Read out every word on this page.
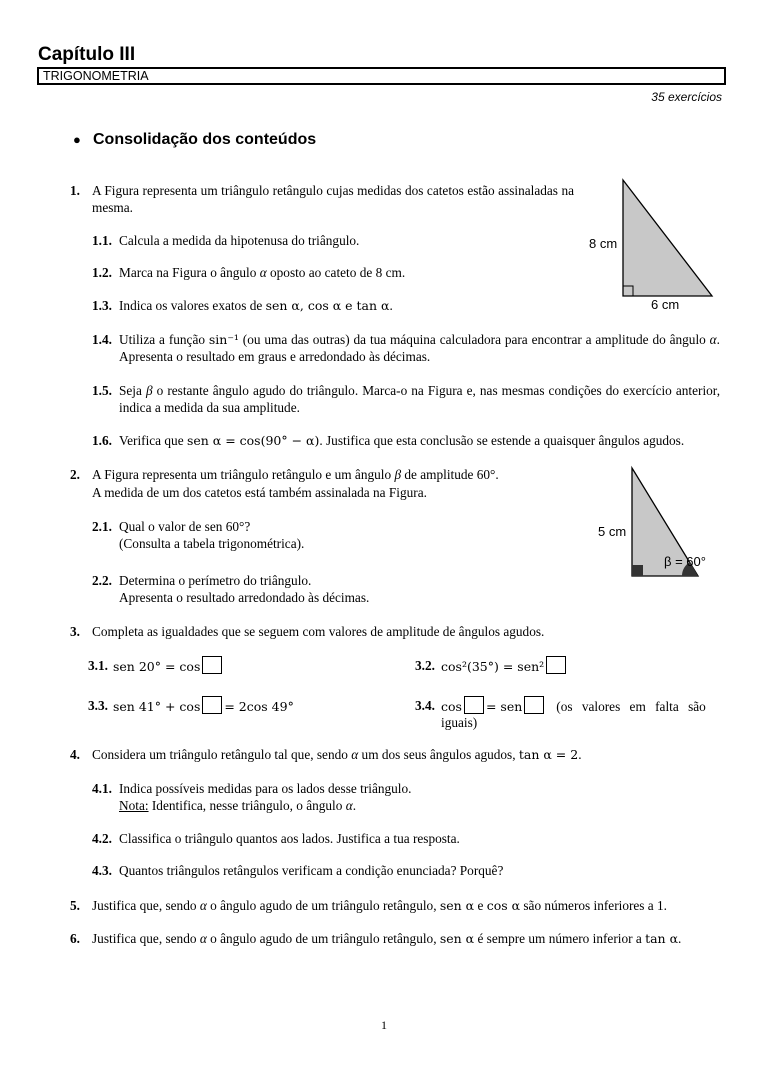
Capítulo III
TRIGONOMETRIA
35 exercícios
● Consolidação dos conteúdos
1. A Figura representa um triângulo retângulo cujas medidas dos catetos estão assinaladas na mesma.
8 cm
6 cm
1.1. Calcula a medida da hipotenusa do triângulo.
1.2. Marca na Figura o ângulo α oposto ao cateto de 8 cm.
1.3. Indica os valores exatos de sen α, cos α e tan α.
1.4. Utiliza a função sin⁻¹ (ou uma das outras) da tua máquina calculadora para encontrar a amplitude do ângulo α. Apresenta o resultado em graus e arredondado às décimas.
1.5. Seja β o restante ângulo agudo do triângulo. Marca-o na Figura e, nas mesmas condições do exercício anterior, indica a medida da sua amplitude.
1.6. Verifica que sen α = cos(90° − α). Justifica que esta conclusão se estende a quaisquer ângulos agudos.
2. A Figura representa um triângulo retângulo e um ângulo β de amplitude 60°.
A medida de um dos catetos está também assinalada na Figura.
5 cm
β = 60°
2.1. Qual o valor de sen 60°?
(Consulta a tabela trigonométrica).
2.2. Determina o perímetro do triângulo.
Apresenta o resultado arredondado às décimas.
3. Completa as igualdades que se seguem com valores de amplitude de ângulos agudos.
3.1. sen 20° = cos	3.2. cos²(35°) = sen²
3.3. sen 41° + cos = 2cos 49°	3.4. cos = sen	(os valores em falta são
iguais)
4. Considera um triângulo retângulo tal que, sendo α um dos seus ângulos agudos, tan α = 2.
4.1. Indica possíveis medidas para os lados desse triângulo.
Nota: Identifica, nesse triângulo, o ângulo α.
4.2. Classifica o triângulo quantos aos lados. Justifica a tua resposta.
4.3. Quantos triângulos retângulos verificam a condição enunciada? Porquê?
5. Justifica que, sendo α o ângulo agudo de um triângulo retângulo, sen α e cos α são números inferiores a 1.
6. Justifica que, sendo α o ângulo agudo de um triângulo retângulo, sen α é sempre um número inferior a tan α.
1
